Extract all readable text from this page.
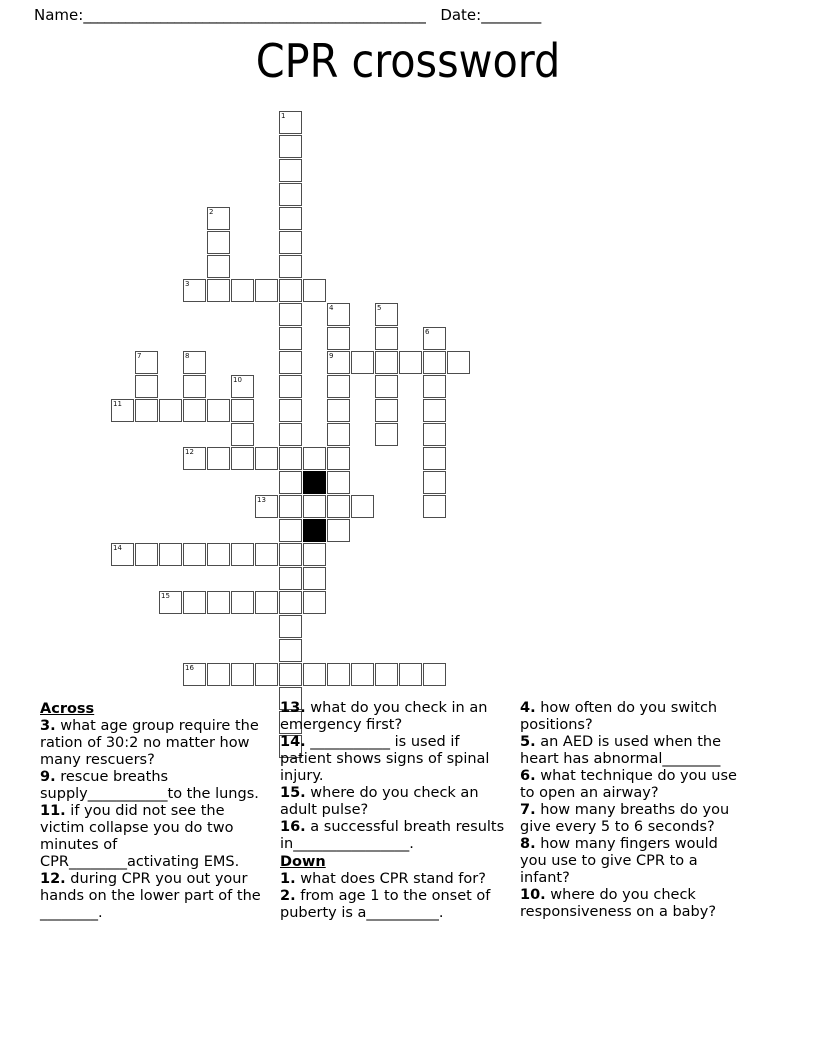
Name: _________________________________________________ Date: ________
CPR crossword
1
2
3
4	5
6
9
7	8
10
11
12
13
14
15
16
Across
3. what age group require the ration of 30:2 no matter how many rescuers?
9. rescue breaths supply___________to the lungs.
11. if you did not see the victim collapse you do two minutes of CPR________activating EMS.
12. during CPR you out your hands on the lower part of the ________.
13. what do you check in an emergency first?
14. ___________ is used if patient shows signs of spinal injury.
15. where do you check an adult pulse?
16. a successful breath results in________________.
Down
1. what does CPR stand for?
2. from age 1 to the onset of puberty is a__________.
4. how often do you switch positions?
5. an AED is used when the heart has abnormal________
6. what technique do you use to open an airway?
7. how many breaths do you give every 5 to 6 seconds?
8. how many fingers would you use to give CPR to a infant?
10. where do you check responsiveness on a baby?
